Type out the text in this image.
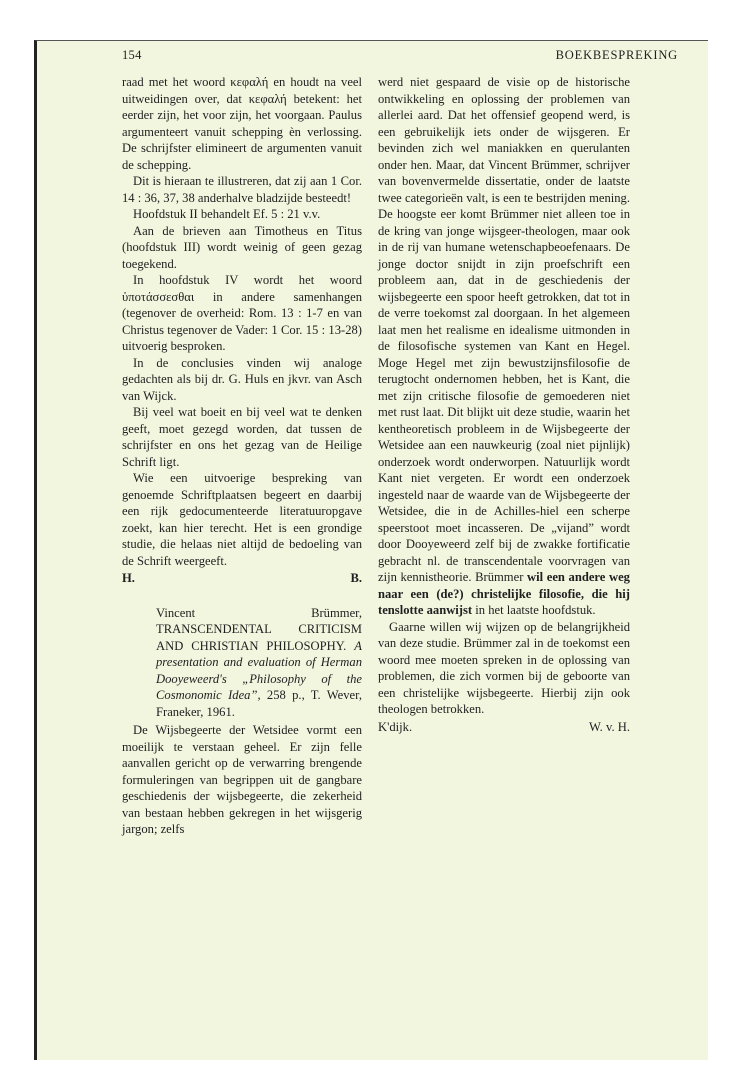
154	BOEKBESPREKING

raad met het woord κεφαλή en houdt na veel uitweidingen over, dat κεφαλή betekent: het eerder zijn, het voor zijn, het voorgaan. Paulus argumenteert vanuit schepping èn verlossing. De schrijfster elimineert de argumenten vanuit de schepping.

Dit is hieraan te illustreren, dat zij aan 1 Cor. 14 : 36, 37, 38 anderhalve bladzijde besteedt!

Hoofdstuk II behandelt Ef. 5 : 21 v.v.

Aan de brieven aan Timotheus en Titus (hoofdstuk III) wordt weinig of geen gezag toegekend.

In hoofdstuk IV wordt het woord ὑποτάσσεσθαι in andere samenhangen (tegenover de overheid: Rom. 13 : 1-7 en van Christus tegenover de Vader: 1 Cor. 15 : 13-28) uitvoerig besproken.

In de conclusies vinden wij analoge gedachten als bij dr. G. Huls en jkvr. van Asch van Wijck.

Bij veel wat boeit en bij veel wat te denken geeft, moet gezegd worden, dat tussen de schrijfster en ons het gezag van de Heilige Schrift ligt.

Wie een uitvoerige bespreking van genoemde Schriftplaatsen begeert en daarbij een rijk gedocumenteerde literatuuropgave zoekt, kan hier terecht. Het is een grondige studie, die helaas niet altijd de bedoeling van de Schrift weergeeft.

H.	B.
Vincent Brümmer, TRANSCENDENTAL CRITICISM AND CHRISTIAN PHILOSOPHY. A presentation and evaluation of Herman Dooyeweerd's „Philosophy of the Cosmonomic Idea”, 258 p., T. Wever, Franeker, 1961.

De Wijsbegeerte der Wetsidee vormt een moeilijk te verstaan geheel. Er zijn felle aanvallen gericht op de verwarring brengende formuleringen van begrippen uit de gangbare geschiedenis der wijsbegeerte, die zekerheid van bestaan hebben gekregen in het wijsgerig jargon; zelfs

werd niet gespaard de visie op de historische ontwikkeling en oplossing der problemen van allerlei aard. Dat het offensief geopend werd, is een gebruikelijk iets onder de wijsgeren. Er bevinden zich wel maniakken en querulanten onder hen. Maar, dat Vincent Brümmer, schrijver van bovenvermelde dissertatie, onder de laatste twee categorieën valt, is een te bestrijden mening. De hoogste eer komt Brümmer niet alleen toe in de kring van jonge wijsgeer-theologen, maar ook in de rij van humane wetenschapbeoefenaars. De jonge doctor snijdt in zijn proefschrift een probleem aan, dat in de geschiedenis der wijsbegeerte een spoor heeft getrokken, dat tot in de verre toekomst zal doorgaan. In het algemeen laat men het realisme en idealisme uitmonden in de filosofische systemen van Kant en Hegel. Moge Hegel met zijn bewustzijnsfilosofie de terugtocht ondernomen hebben, het is Kant, die met zijn critische filosofie de gemoederen niet met rust laat. Dit blijkt uit deze studie, waarin het kentheoretisch probleem in de Wijsbegeerte der Wetsidee aan een nauwkeurig (zoal niet pijnlijk) onderzoek wordt onderworpen. Natuurlijk wordt Kant niet vergeten. Er wordt een onderzoek ingesteld naar de waarde van de Wijsbegeerte der Wetsidee, die in de Achilles-hiel een scherpe speerstoot moet incasseren. De „vijand” wordt door Dooyeweerd zelf bij de zwakke fortificatie gebracht nl. de transcendentale voorvragen van zijn kennistheorie. Brümmer wil een andere weg naar een (de?) christelijke filosofie, die hij tenslotte aanwijst in het laatste hoofdstuk.

Gaarne willen wij wijzen op de belangrijkheid van deze studie. Brümmer zal in de toekomst een woord mee moeten spreken in de oplossing van problemen, die zich vormen bij de geboorte van een christelijke wijsbegeerte. Hierbij zijn ook theologen betrokken.

K'dijk.	W. v. H.
